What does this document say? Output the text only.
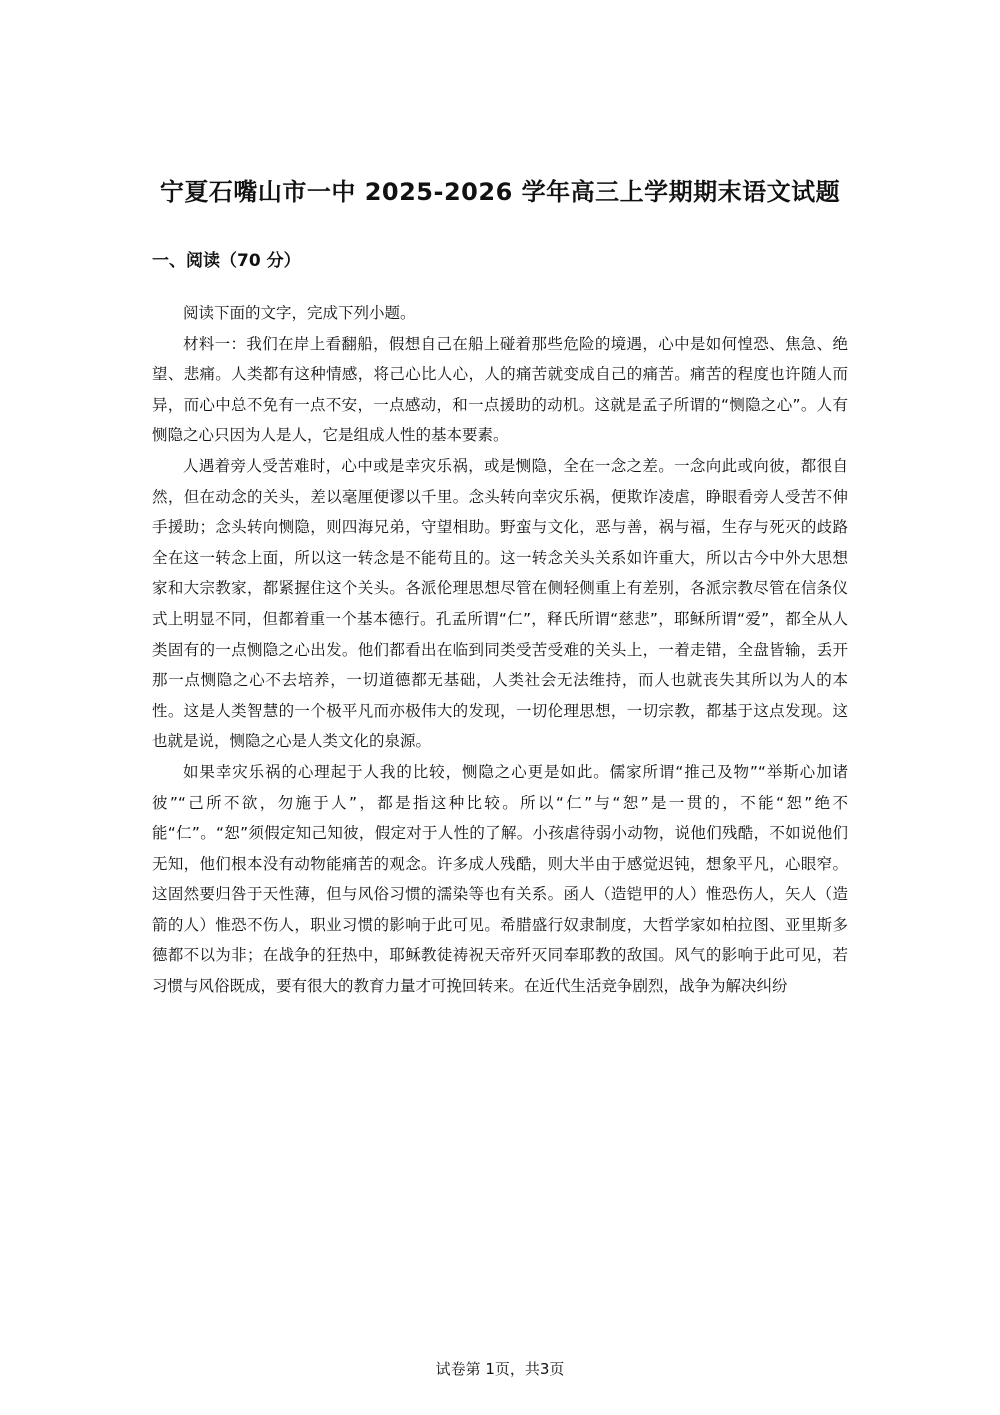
宁夏石嘴山市一中 2025-2026 学年高三上学期期末语文试题
一、阅读（70 分）

阅读下面的文字，完成下列小题。

材料一：我们在岸上看翻船，假想自己在船上碰着那些危险的境遇，心中是如何惶恐、焦急、绝望、悲痛。人类都有这种情感，将己心比人心，人的痛苦就变成自己的痛苦。痛苦的程度也许随人而异，而心中总不免有一点不安，一点感动，和一点援助的动机。这就是孟子所谓的“恻隐之心”。人有恻隐之心只因为人是人，它是组成人性的基本要素。

人遇着旁人受苦难时，心中或是幸灾乐祸，或是恻隐，全在一念之差。一念向此或向彼，都很自然，但在动念的关头，差以毫厘便谬以千里。念头转向幸灾乐祸，便欺诈凌虐，睁眼看旁人受苦不伸手援助；念头转向恻隐，则四海兄弟，守望相助。野蛮与文化，恶与善，祸与福，生存与死灭的歧路全在这一转念上面，所以这一转念是不能苟且的。这一转念关头关系如许重大，所以古今中外大思想家和大宗教家，都紧握住这个关头。各派伦理思想尽管在侧轻侧重上有差别，各派宗教尽管在信条仪式上明显不同，但都着重一个基本德行。孔孟所谓“仁”，释氏所谓“慈悲”，耶稣所谓“爱”，都全从人类固有的一点恻隐之心出发。他们都看出在临到同类受苦受难的关头上，一着走错，全盘皆输，丢开那一点恻隐之心不去培养，一切道德都无基础，人类社会无法维持，而人也就丧失其所以为人的本性。这是人类智慧的一个极平凡而亦极伟大的发现，一切伦理思想，一切宗教，都基于这点发现。这也就是说，恻隐之心是人类文化的泉源。

如果幸灾乐祸的心理起于人我的比较，恻隐之心更是如此。儒家所谓“推己及物”“举斯心加诸彼”“己所不欲，勿施于人”，都是指这种比较。所以“仁”与“恕”是一贯的，不能“恕”绝不能“仁”。“恕”须假定知己知彼，假定对于人性的了解。小孩虐待弱小动物，说他们残酷，不如说他们无知，他们根本没有动物能痛苦的观念。许多成人残酷，则大半由于感觉迟钝，想象平凡，心眼窄。这固然要归咎于天性薄，但与风俗习惯的濡染等也有关系。函人（造铠甲的人）惟恐伤人，矢人（造箭的人）惟恐不伤人，职业习惯的影响于此可见。希腊盛行奴隶制度，大哲学家如柏拉图、亚里斯多德都不以为非；在战争的狂热中，耶稣教徒祷祝天帝歼灭同奉耶教的敌国。风气的影响于此可见，若习惯与风俗既成，要有很大的教育力量才可挽回转来。在近代生活竞争剧烈，战争为解决纠纷

试卷第 1页，共3页
